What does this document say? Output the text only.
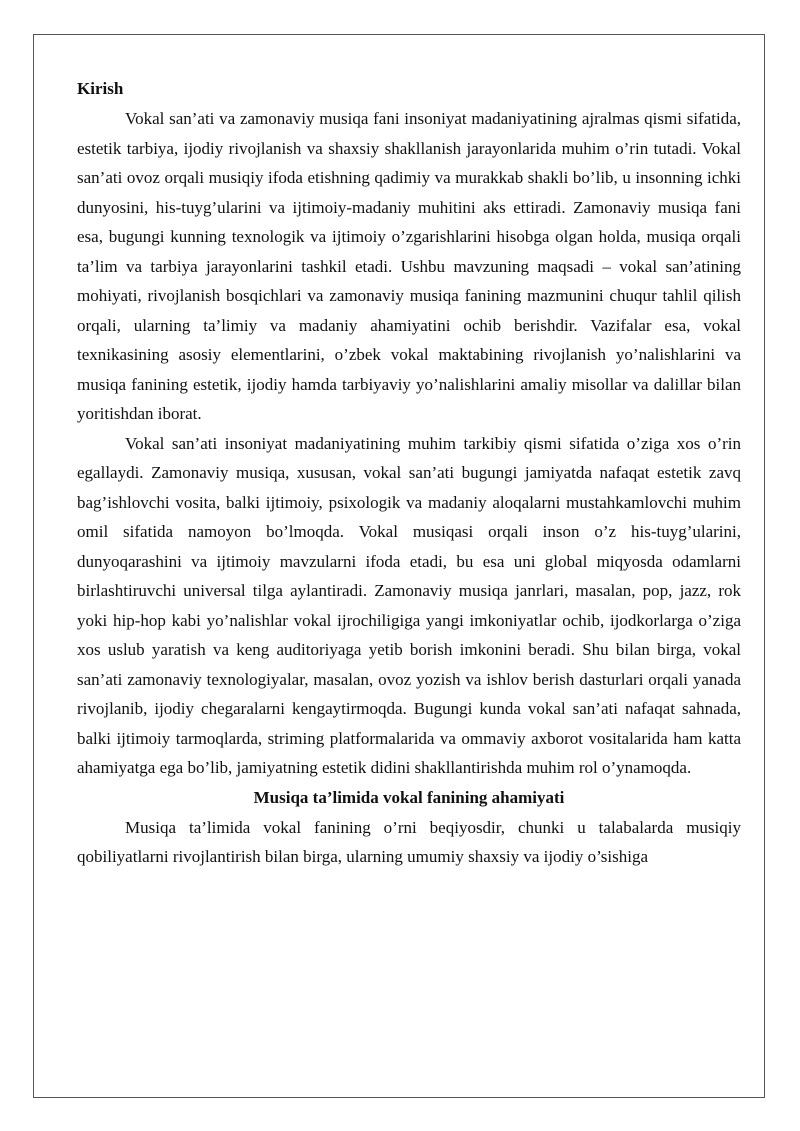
Kirish

Vokal san’ati va zamonaviy musiqa fani insoniyat madaniyatining ajralmas qismi sifatida, estetik tarbiya, ijodiy rivojlanish va shaxsiy shakllanish jarayonlarida muhim o’rin tutadi. Vokal san’ati ovoz orqali musiqiy ifoda etishning qadimiy va murakkab shakli bo’lib, u insonning ichki dunyosini, his-tuyg’ularini va ijtimoiy-madaniy muhitini aks ettiradi. Zamonaviy musiqa fani esa, bugungi kunning texnologik va ijtimoiy o’zgarishlarini hisobga olgan holda, musiqa orqali ta’lim va tarbiya jarayonlarini tashkil etadi. Ushbu mavzuning maqsadi – vokal san’atining mohiyati, rivojlanish bosqichlari va zamonaviy musiqa fanining mazmunini chuqur tahlil qilish orqali, ularning ta’limiy va madaniy ahamiyatini ochib berishdir. Vazifalar esa, vokal texnikasining asosiy elementlarini, o’zbek vokal maktabining rivojlanish yo’nalishlarini va musiqa fanining estetik, ijodiy hamda tarbiyaviy yo’nalishlarini amaliy misollar va dalillar bilan yoritishdan iborat.

Vokal san’ati insoniyat madaniyatining muhim tarkibiy qismi sifatida o’ziga xos o’rin egallaydi. Zamonaviy musiqa, xususan, vokal san’ati bugungi jamiyatda nafaqat estetik zavq bag’ishlovchi vosita, balki ijtimoiy, psixologik va madaniy aloqalarni mustahkamlovchi muhim omil sifatida namoyon bo’lmoqda. Vokal musiqasi orqali inson o’z his-tuyg’ularini, dunyoqarashini va ijtimoiy mavzularni ifoda etadi, bu esa uni global miqyosda odamlarni birlashtiruvchi universal tilga aylantiradi. Zamonaviy musiqa janrlari, masalan, pop, jazz, rok yoki hip-hop kabi yo’nalishlar vokal ijrochiligiga yangi imkoniyatlar ochib, ijodkorlarga o’ziga xos uslub yaratish va keng auditoriyaga yetib borish imkonini beradi. Shu bilan birga, vokal san’ati zamonaviy texnologiyalar, masalan, ovoz yozish va ishlov berish dasturlari orqali yanada rivojlanib, ijodiy chegaralarni kengaytirmoqda. Bugungi kunda vokal san’ati nafaqat sahnada, balki ijtimoiy tarmoqlarda, striming platformalarida va ommaviy axborot vositalarida ham katta ahamiyatga ega bo’lib, jamiyatning estetik didini shakllantirishda muhim rol o’ynamoqda.

Musiqa ta’limida vokal fanining ahamiyati

Musiqa ta’limida vokal fanining o’rni beqiyosdir, chunki u talabalarda musiqiy qobiliyatlarni rivojlantirish bilan birga, ularning umumiy shaxsiy va ijodiy o’sishiga
